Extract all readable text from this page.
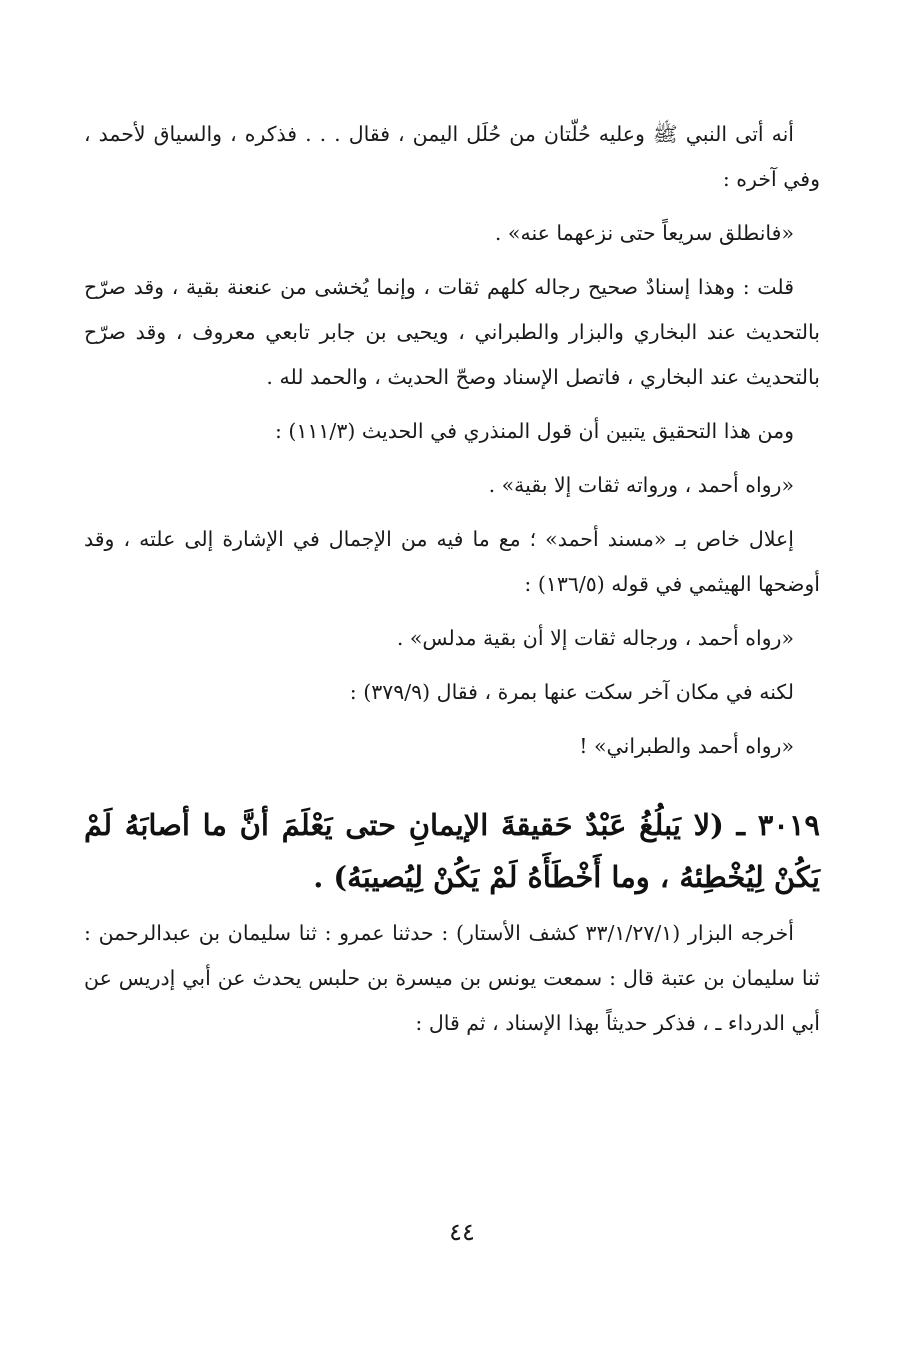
أنه أتى النبي ﷺ وعليه حُلّتان من حُلَل اليمن ، فقال . . . فذكره ، والسياق لأحمد ، وفي آخره :

«فانطلق سريعاً حتى نزعهما عنه» .

قلت : وهذا إسنادٌ صحيح رجاله كلهم ثقات ، وإنما يُخشى من عنعنة بقية ، وقد صرّح بالتحديث عند البخاري والبزار والطبراني ، ويحيى بن جابر تابعي معروف ، وقد صرّح بالتحديث عند البخاري ، فاتصل الإسناد وصحّ الحديث ، والحمد لله .

ومن هذا التحقيق يتبين أن قول المنذري في الحديث (١١١/٣) :

«رواه أحمد ، ورواته ثقات إلا بقية» .

إعلال خاص بـ «مسند أحمد» ؛ مع ما فيه من الإجمال في الإشارة إلى علته ، وقد أوضحها الهيثمي في قوله (١٣٦/٥) :

«رواه أحمد ، ورجاله ثقات إلا أن بقية مدلس» .

لكنه في مكان آخر سكت عنها بمرة ، فقال (٣٧٩/٩) :

«رواه أحمد والطبراني» !

٣٠١٩ ـ (لا يَبلُغُ عَبْدٌ حَقيقةَ الإيمانِ حتى يَعْلَمَ أنَّ ما أصابَهُ لَمْ يَكُنْ لِيُخْطِئهُ ، وما أَخْطَأَهُ لَمْ يَكُنْ لِيُصيبَهُ) .

أخرجه البزار (٣٣/١/٢٧/١ كشف الأستار) : حدثنا عمرو : ثنا سليمان بن عبدالرحمن : ثنا سليمان بن عتبة قال : سمعت يونس بن ميسرة بن حلبس يحدث عن أبي إدريس عن أبي الدرداء ـ ، فذكر حديثاً بهذا الإسناد ، ثم قال :

٤٤
